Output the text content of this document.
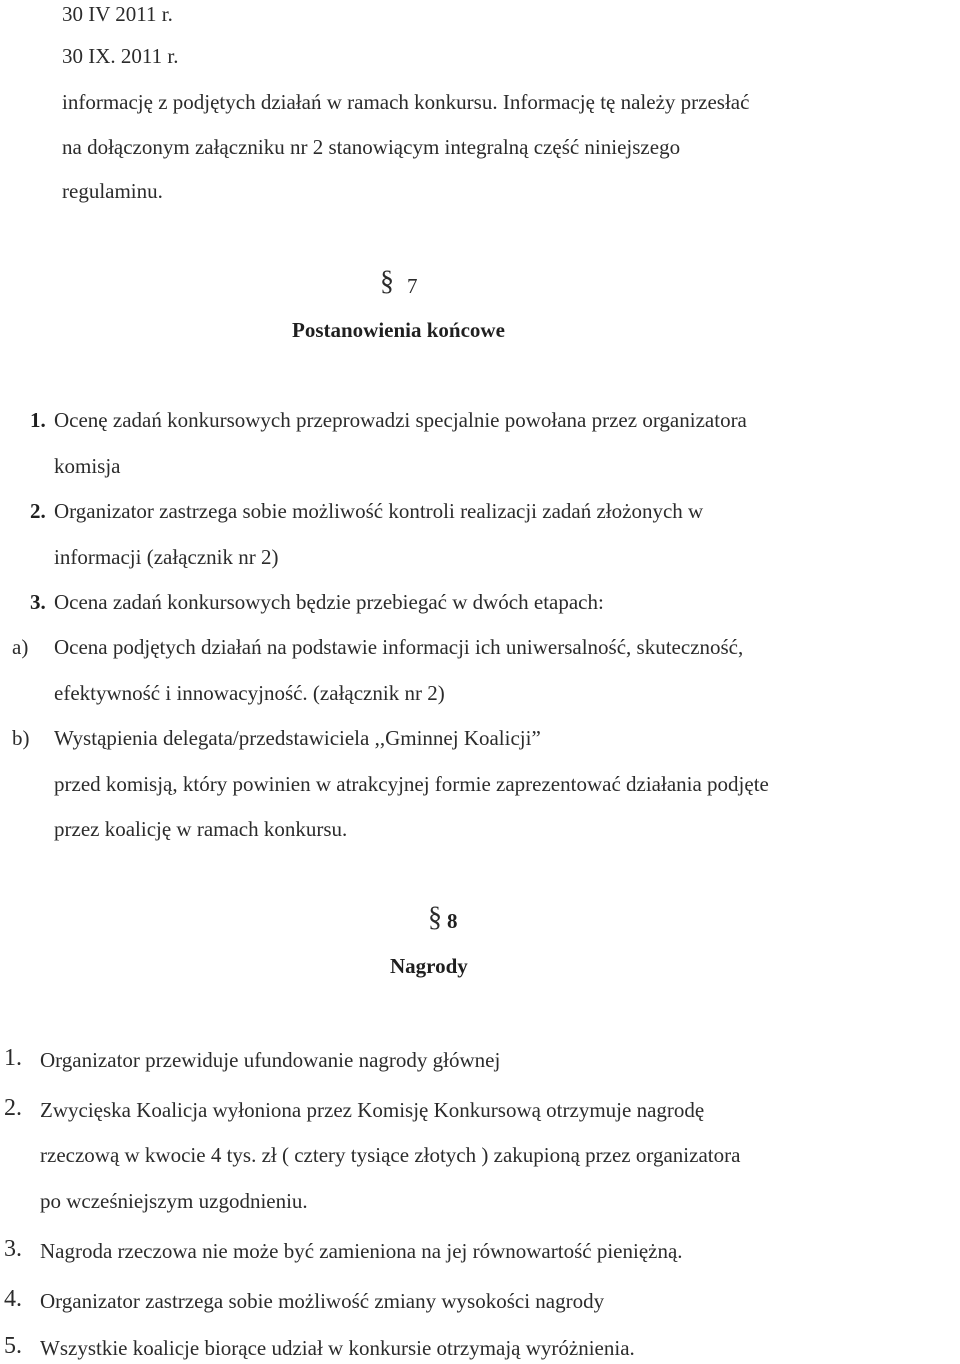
30 IV 2011 r.
30 IX. 2011 r.
informację z podjętych działań w ramach konkursu. Informację tę należy przesłać
na dołączonym załączniku nr 2 stanowiącym integralną część niniejszego
regulaminu.
§ 7
Postanowienia końcowe
1. Ocenę zadań konkursowych przeprowadzi specjalnie powołana przez organizatora
komisja
2. Organizator zastrzega sobie możliwość kontroli realizacji zadań złożonych w
informacji (załącznik nr 2)
3. Ocena zadań konkursowych będzie przebiegać w dwóch etapach:
a) Ocena podjętych działań na podstawie informacji ich uniwersalność, skuteczność,
efektywność i innowacyjność. (załącznik nr 2)
b) Wystąpienia delegata/przedstawiciela ,,Gminnej Koalicji”
przed komisją, który powinien w atrakcyjnej formie zaprezentować działania podjęte
przez koalicję w ramach konkursu.
§ 8
Nagrody
1. Organizator przewiduje ufundowanie nagrody głównej
2. Zwycięska Koalicja wyłoniona przez Komisję Konkursową otrzymuje nagrodę
rzeczową w kwocie 4 tys. zł ( cztery tysiące złotych ) zakupioną przez organizatora
po wcześniejszym uzgodnieniu.
3. Nagroda rzeczowa nie może być zamieniona na jej równowartość pieniężną.
4. Organizator zastrzega sobie możliwość zmiany wysokości nagrody
5. Wszystkie koalicje biorące udział w konkursie otrzymają wyróżnienia.
